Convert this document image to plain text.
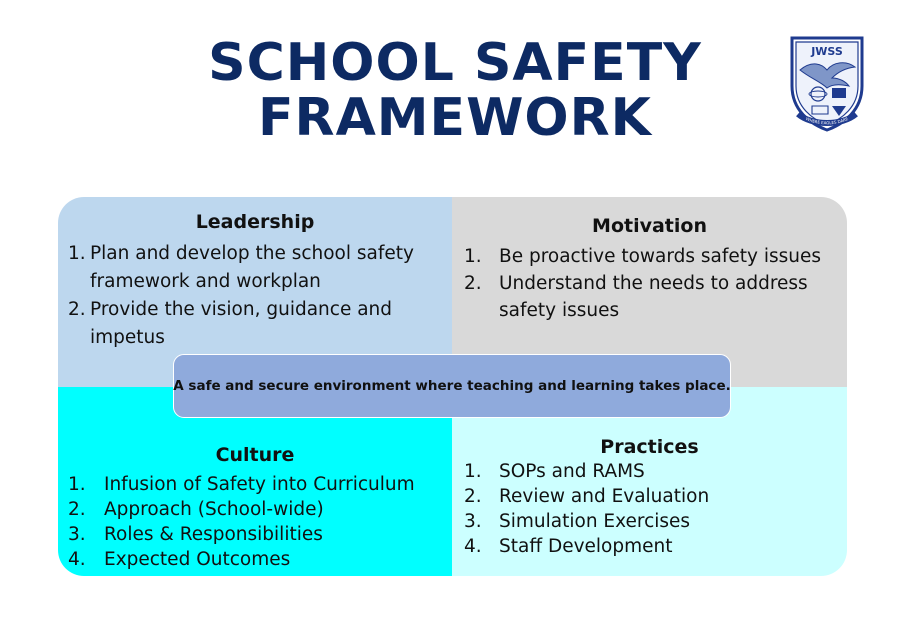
SCHOOL SAFETY
FRAMEWORK
JWSS
WHERE EAGLES DARE
Leadership
1. Plan and develop the school safety
framework and workplan
2. Provide the vision, guidance and
impetus
Motivation
1. Be proactive towards safety issues
2. Understand the needs to address
safety issues
Culture
1. Infusion of Safety into Curriculum
2. Approach (School-wide)
3. Roles & Responsibilities
4. Expected Outcomes
Practices
1. SOPs and RAMS
2. Review and Evaluation
3. Simulation Exercises
4. Staff Development
A safe and secure environment where teaching and learning takes place.
